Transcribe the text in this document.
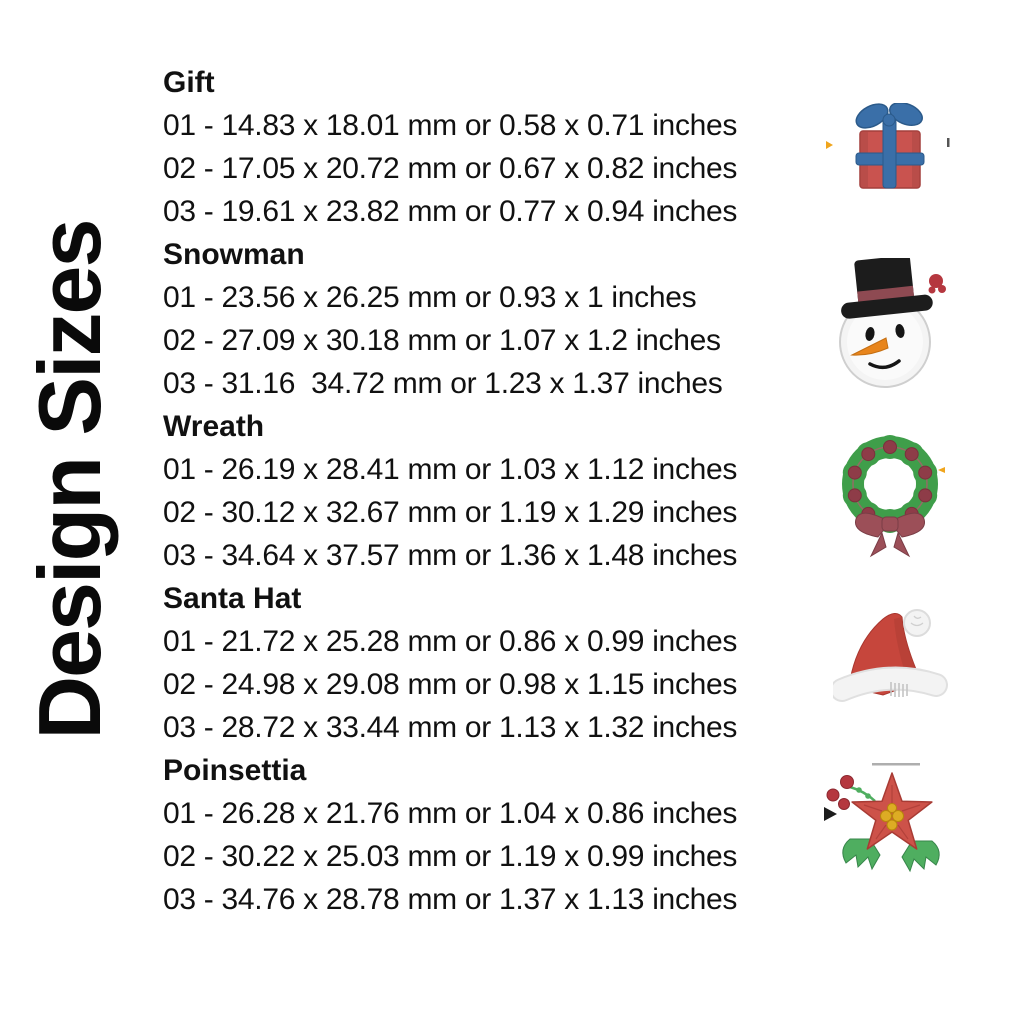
Design Sizes
Gift
01 - 14.83 x 18.01 mm or 0.58 x 0.71 inches
02 - 17.05 x 20.72 mm or 0.67 x 0.82 inches
03 - 19.61 x 23.82 mm or 0.77 x 0.94 inches
Snowman
01 - 23.56 x 26.25 mm or 0.93 x 1 inches
02 - 27.09 x 30.18 mm or 1.07 x 1.2 inches
03 - 31.16  34.72 mm or 1.23 x 1.37 inches
Wreath
01 - 26.19 x 28.41 mm or 1.03 x 1.12 inches
02 - 30.12 x 32.67 mm or 1.19 x 1.29 inches
03 - 34.64 x 37.57 mm or 1.36 x 1.48 inches
Santa Hat
01 - 21.72 x 25.28 mm or 0.86 x 0.99 inches
02 - 24.98 x 29.08 mm or 0.98 x 1.15 inches
03 - 28.72 x 33.44 mm or 1.13 x 1.32 inches
Poinsettia
01 - 26.28 x 21.76 mm or 1.04 x 0.86 inches
02 - 30.22 x 25.03 mm or 1.19 x 0.99 inches
03 - 34.76 x 28.78 mm or 1.37 x 1.13 inches
